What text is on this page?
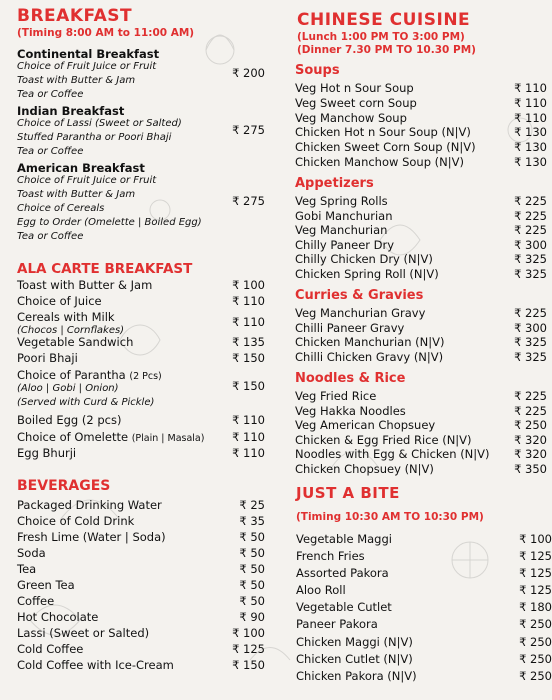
BREAKFAST
(Timing 8:00 AM to 11:00 AM)
Continental Breakfast
Choice of Fruit Juice or Fruit
Toast with Butter & Jam
Tea or Coffee
₹ 200
Indian Breakfast
Choice of Lassi (Sweet or Salted)
Stuffed Parantha or Poori Bhaji
Tea or Coffee
₹ 275
American Breakfast
Choice of Fruit Juice or Fruit
Toast with Butter & Jam
Choice of Cereals
Egg to Order (Omelette | Boiled Egg)
Tea or Coffee
₹ 275
ALA CARTE BREAKFAST
Toast with Butter & Jam	₹ 100
Choice of Juice	₹ 110
Cereals with Milk
(Chocos | Cornflakes)
₹ 110
Vegetable Sandwich	₹ 135
Poori Bhaji	₹ 150
Choice of Parantha (2 Pcs)
(Aloo | Gobi | Onion)
(Served with Curd & Pickle)
₹ 150
Boiled Egg (2 pcs)	₹ 110
Choice of Omelette (Plain | Masala)	₹ 110
Egg Bhurji	₹ 110
BEVERAGES
Packaged Drinking Water	₹ 25
Choice of Cold Drink	₹ 35
Fresh Lime (Water | Soda)	₹ 50
Soda	₹ 50
Tea	₹ 50
Green Tea	₹ 50
Coffee	₹ 50
Hot Chocolate	₹ 90
Lassi (Sweet or Salted)	₹ 100
Cold Coffee	₹ 125
Cold Coffee with Ice-Cream	₹ 150
CHINESE CUISINE
(Lunch 1:00 PM TO 3:00 PM)
(Dinner 7.30 PM TO 10.30 PM)
Soups
Veg Hot n Sour Soup	₹ 110
Veg Sweet corn Soup	₹ 110
Veg Manchow Soup	₹ 110
Chicken Hot n Sour Soup (N|V)	₹ 130
Chicken Sweet Corn Soup (N|V)	₹ 130
Chicken Manchow Soup (N|V)	₹ 130
Appetizers
Veg Spring Rolls	₹ 225
Gobi Manchurian	₹ 225
Veg Manchurian	₹ 225
Chilly Paneer Dry	₹ 300
Chilly Chicken Dry (N|V)	₹ 325
Chicken Spring Roll (N|V)	₹ 325
Curries & Gravies
Veg Manchurian Gravy	₹ 225
Chilli Paneer Gravy	₹ 300
Chicken Manchurian (N|V)	₹ 325
Chilli Chicken Gravy (N|V)	₹ 325
Noodles & Rice
Veg Fried Rice	₹ 225
Veg Hakka Noodles	₹ 225
Veg American Chopsuey	₹ 250
Chicken & Egg Fried Rice (N|V)	₹ 320
Noodles with Egg & Chicken (N|V)	₹ 320
Chicken Chopsuey (N|V)	₹ 350
JUST A BITE
(Timing 10:30 AM TO 10:30 PM)
Vegetable Maggi	₹ 100
French Fries	₹ 125
Assorted Pakora	₹ 125
Aloo Roll	₹ 125
Vegetable Cutlet	₹ 180
Paneer Pakora	₹ 250
Chicken Maggi (N|V)	₹ 250
Chicken Cutlet (N|V)	₹ 250
Chicken Pakora (N|V)	₹ 250
